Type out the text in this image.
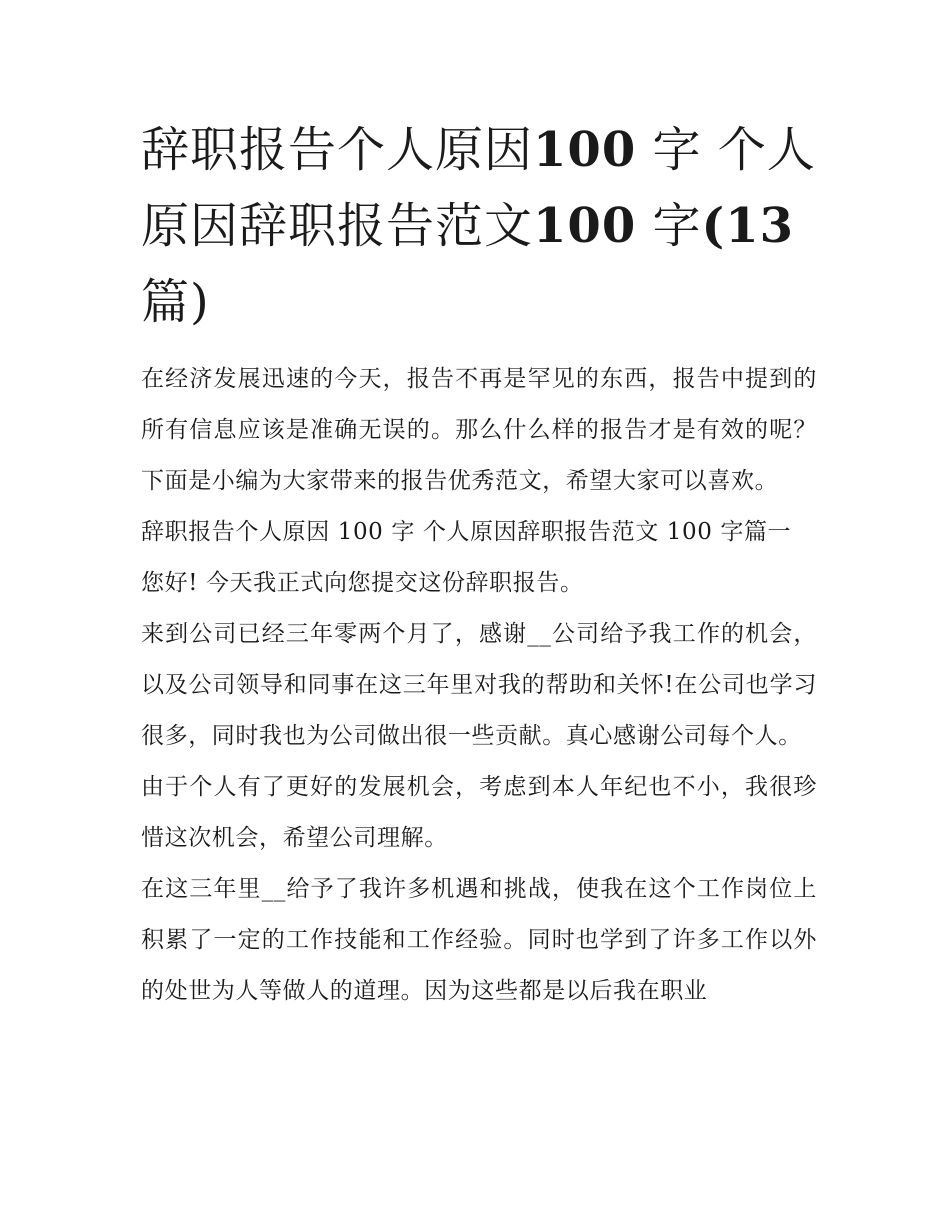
辞职报告个人原因100 字 个人原因辞职报告范文100 字(13
篇)

在经济发展迅速的今天，报告不再是罕见的东西，报告中提到的所有信息应该是准确无误的。那么什么样的报告才是有效的呢？下面是小编为大家带来的报告优秀范文，希望大家可以喜欢。

辞职报告个人原因 100 字 个人原因辞职报告范文 100 字篇一

您好! 今天我正式向您提交这份辞职报告。

来到公司已经三年零两个月了，感谢__公司给予我工作的机会，以及公司领导和同事在这三年里对我的帮助和关怀!在公司也学习很多，同时我也为公司做出很一些贡献。真心感谢公司每个人。

由于个人有了更好的发展机会，考虑到本人年纪也不小，我很珍惜这次机会，希望公司理解。

在这三年里__给予了我许多机遇和挑战，使我在这个工作岗位上积累了一定的工作技能和工作经验。同时也学到了许多工作以外的处世为人等做人的道理。因为这些都是以后我在职业
